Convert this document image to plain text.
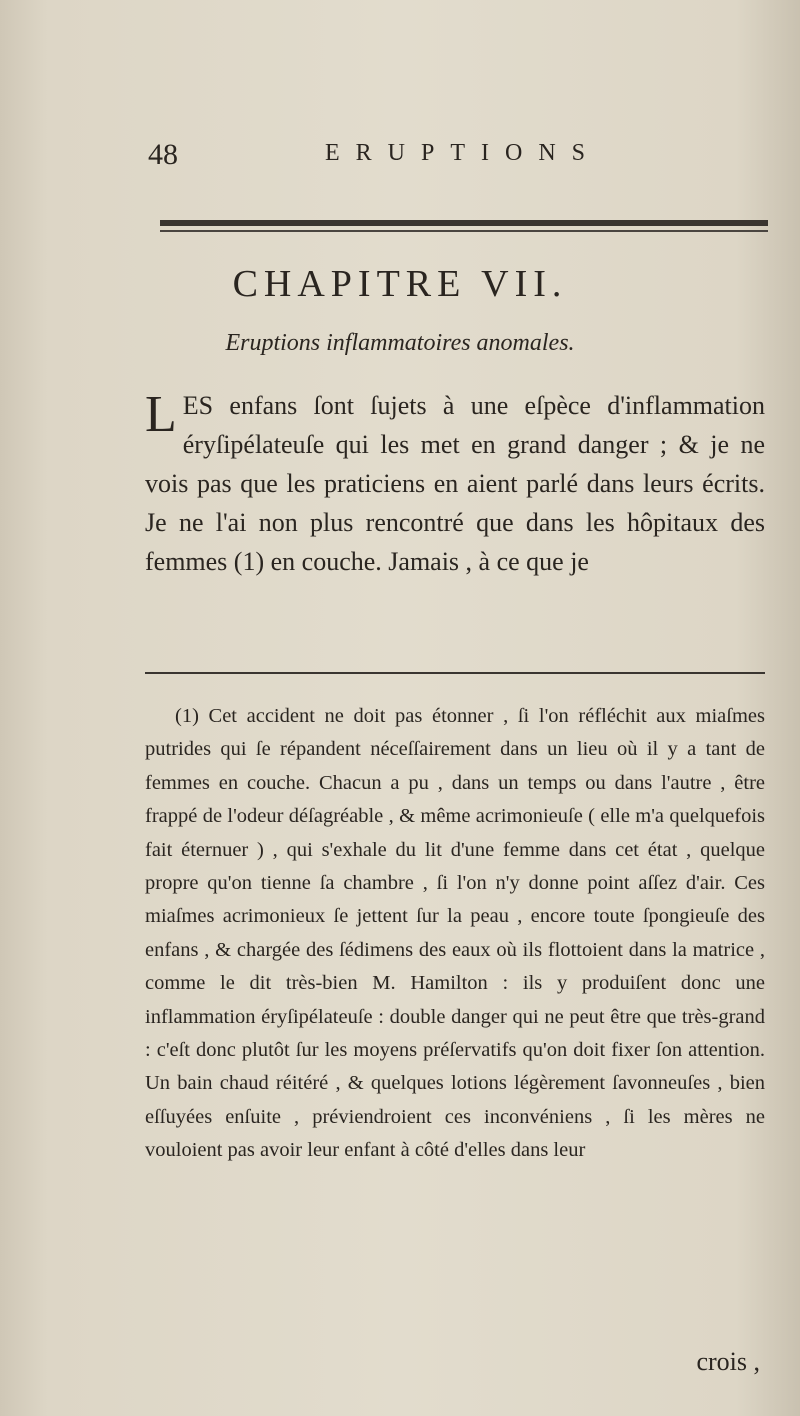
48	ERUPTIONS
CHAPITRE VII.
Eruptions inflammatoires anomales.
LES enfans ſont ſujets à une eſpèce d'inflammation éryſipélateuſe qui les met en grand danger ; & je ne vois pas que les praticiens en aient parlé dans leurs écrits. Je ne l'ai non plus rencontré que dans les hôpitaux des femmes (1) en couche. Jamais , à ce que je
(1) Cet accident ne doit pas étonner , ſi l'on réfléchit aux miaſmes putrides qui ſe répandent néceſſairement dans un lieu où il y a tant de femmes en couche. Chacun a pu , dans un temps ou dans l'autre , être frappé de l'odeur déſagréable , & même acrimonieuſe ( elle m'a quelquefois fait éternuer ) , qui s'exhale du lit d'une femme dans cet état , quelque propre qu'on tienne ſa chambre , ſi l'on n'y donne point aſſez d'air. Ces miaſmes acrimonieux ſe jettent ſur la peau , encore toute ſpongieuſe des enfans , & chargée des ſédimens des eaux où ils flottoient dans la matrice , comme le dit très-bien M. Hamilton : ils y produiſent donc une inflammation éryſipélateuſe : double danger qui ne peut être que très-grand : c'eſt donc plutôt ſur les moyens préſervatifs qu'on doit fixer ſon attention. Un bain chaud réitéré , & quelques lotions légèrement ſavonneuſes , bien eſſuyées enſuite , préviendroient ces inconvéniens , ſi les mères ne vouloient pas avoir leur enfant à côté d'elles dans leur
crois ,
